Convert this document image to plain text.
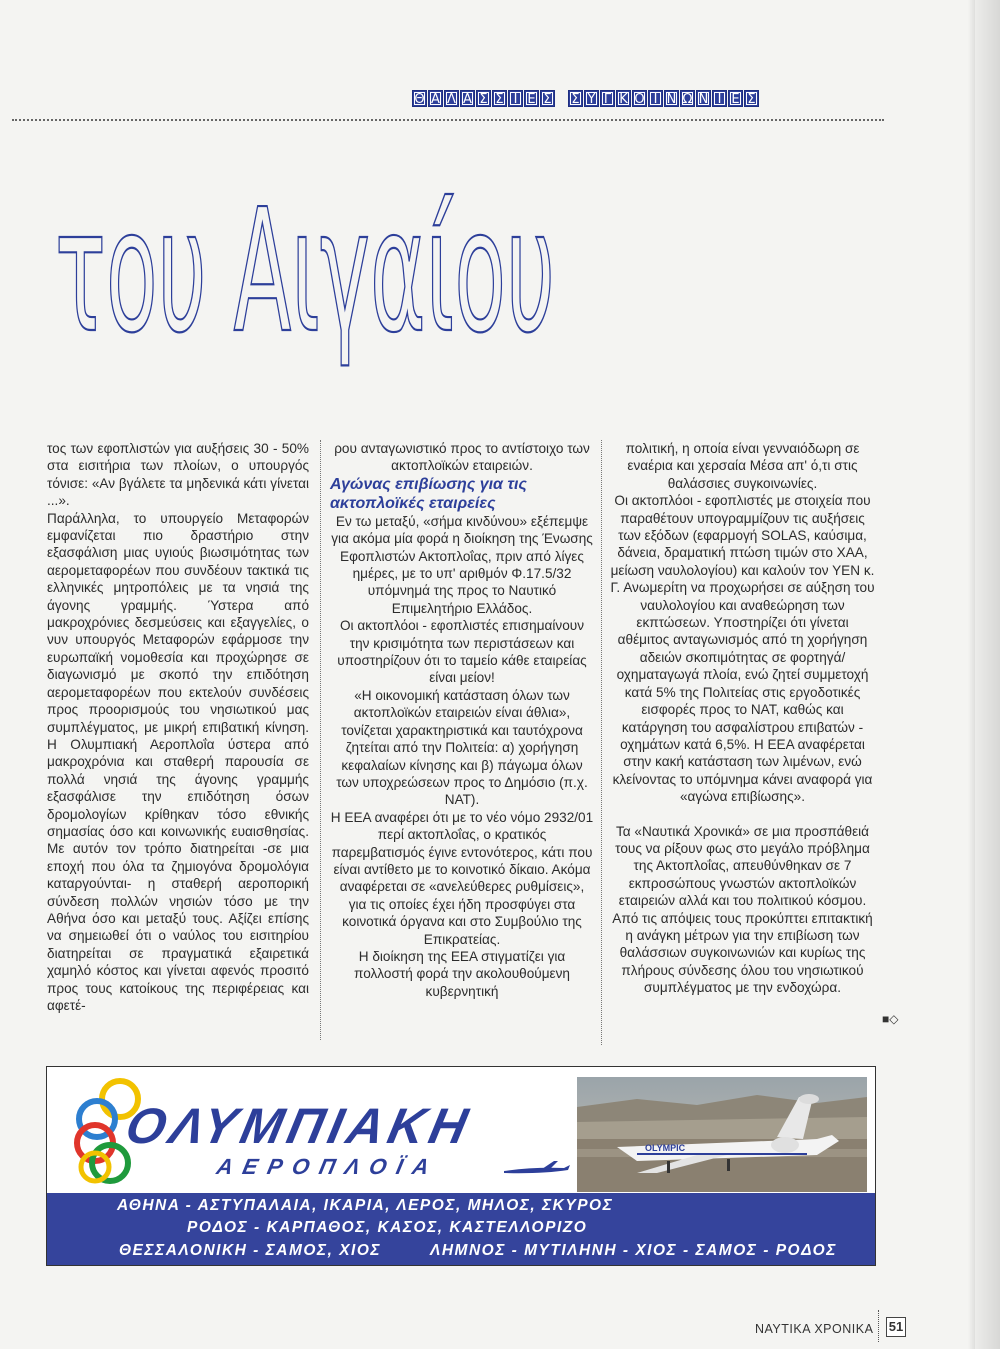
Θ Α Λ Α Σ Σ Ι Ε Σ Σ Υ Γ Κ Ο Ι Ν Ω Ν Ι Ε Σ
του Αιγαίου

τος των εφοπλιστών για αυξήσεις 30 - 50% στα εισιτήρια των πλοίων, ο υπουργός τόνισε: «Αν βγάλετε τα μηδενικά κάτι γίνεται ...».

Παράλληλα, το υπουργείο Μεταφορών εμφανίζεται πιο δραστήριο στην εξασφάλιση μιας υγιούς βιωσιμότητας των αερομεταφορέων που συνδέουν τακτικά τις ελληνικές μητροπόλεις με τα νησιά της άγονης γραμμής. Ύστερα από μακροχρόνιες δεσμεύσεις και εξαγγελίες, ο νυν υπουργός Μεταφορών εφάρμοσε την ευρωπαϊκή νομοθεσία και προχώρησε σε διαγωνισμό με σκοπό την επιδότηση αερομεταφορέων που εκτελούν συνδέσεις προς προορισμούς του νησιωτικού μας συμπλέγματος, με μικρή επιβατική κίνηση. Η Ολυμπιακή Αεροπλοΐα ύστερα από μακροχρόνια και σταθερή παρουσία σε πολλά νησιά της άγονης γραμμής εξασφάλισε την επιδότηση όσων δρομολογίων κρίθηκαν τόσο εθνικής σημασίας όσο και κοινωνικής ευαισθησίας. Με αυτόν τον τρόπο διατηρείται -σε μια εποχή που όλα τα ζημιογόνα δρομολόγια καταργούνται- η σταθερή αεροπορική σύνδεση πολλών νησιών τόσο με την Αθήνα όσο και μεταξύ τους. Αξίζει επίσης να σημειωθεί ότι ο ναύλος του εισιτηρίου διατηρείται σε πραγματικά εξαιρετικά χαμηλό κόστος και γίνεται αφενός προσιτό προς τους κατοίκους της περιφέρειας και αφετέ-

ρου ανταγωνιστικό προς το αντίστοιχο των ακτοπλοϊκών εταιρειών.

Αγώνας επιβίωσης για τις ακτοπλοϊκές εταιρείες

Εν τω μεταξύ, «σήμα κινδύνου» εξέπεμψε για ακόμα μία φορά η διοίκηση της Ένωσης Εφοπλιστών Ακτοπλοΐας, πριν από λίγες ημέρες, με το υπ' αριθμόν Φ.17.5/32 υπόμνημά της προς το Ναυτικό Επιμελητήριο Ελλάδος.

Οι ακτοπλόοι - εφοπλιστές επισημαίνουν την κρισιμότητα των περιστάσεων και υποστηρίζουν ότι το ταμείο κάθε εταιρείας είναι μείον!

«Η οικονομική κατάσταση όλων των ακτοπλοϊκών εταιρειών είναι άθλια», τονίζεται χαρακτηριστικά και ταυτόχρονα ζητείται από την Πολιτεία: α) χορήγηση κεφαλαίων κίνησης και β) πάγωμα όλων των υποχρεώσεων προς το Δημόσιο (π.χ. ΝΑΤ).

Η ΕΕΑ αναφέρει ότι με το νέο νόμο 2932/01 περί ακτοπλοΐας, ο κρατικός παρεμβατισμός έγινε εντονότερος, κάτι που είναι αντίθετο με το κοινοτικό δίκαιο. Ακόμα αναφέρεται σε «ανελεύθερες ρυθμίσεις», για τις οποίες έχει ήδη προσφύγει στα κοινοτικά όργανα και στο Συμβούλιο της Επικρατείας.

Η διοίκηση της ΕΕΑ στιγματίζει για πολλοστή φορά την ακολουθούμενη κυβερνητική

πολιτική, η οποία είναι γενναιόδωρη σε εναέρια και χερσαία Μέσα απ' ό,τι στις θαλάσσιες συγκοινωνίες.

Οι ακτοπλόοι - εφοπλιστές με στοιχεία που παραθέτουν υπογραμμίζουν τις αυξήσεις των εξόδων (εφαρμογή SOLAS, καύσιμα, δάνεια, δραματική πτώση τιμών στο ΧΑΑ, μείωση ναυλολογίου) και καλούν τον ΥΕΝ κ. Γ. Ανωμερίτη να προχωρήσει σε αύξηση του ναυλολογίου και αναθεώρηση των εκπτώσεων. Υποστηρίζει ότι γίνεται αθέμιτος ανταγωνισμός από τη χορήγηση αδειών σκοπιμότητας σε φορτηγά/οχηματαγωγά πλοία, ενώ ζητεί συμμετοχή κατά 5% της Πολιτείας στις εργοδοτικές εισφορές προς το ΝΑΤ, καθώς και κατάργηση του ασφαλίστρου επιβατών - οχημάτων κατά 6,5%. Η ΕΕΑ αναφέρεται στην κακή κατάσταση των λιμένων, ενώ κλείνοντας το υπόμνημα κάνει αναφορά για «αγώνα επιβίωσης».

Τα «Ναυτικά Χρονικά» σε μια προσπάθειά τους να ρίξουν φως στο μεγάλο πρόβλημα της Ακτοπλοΐας, απευθύνθηκαν σε 7 εκπροσώπους γνωστών ακτοπλοϊκών εταιρειών αλλά και του πολιτικού κόσμου. Από τις απόψεις τους προκύπτει επιτακτική η ανάγκη μέτρων για την επιβίωση των θαλάσσιων συγκοινωνιών και κυρίως της πλήρους σύνδεσης όλου του νησιωτικού συμπλέγματος με την ενδοχώρα.

■◇
ΟΛΥΜΠΙΑΚΗ
ΑΕΡΟΠΛΟΪΑ
OLYMPIC
ΑΘΗΝΑ - ΑΣΤΥΠΑΛΑΙΑ, ΙΚΑΡΙΑ, ΛΕΡΟΣ, ΜΗΛΟΣ, ΣΚΥΡΟΣ
ΡΟΔΟΣ - ΚΑΡΠΑΘΟΣ, ΚΑΣΟΣ, ΚΑΣΤΕΛΛΟΡΙΖΟ
ΘΕΣΣΑΛΟΝΙΚΗ - ΣΑΜΟΣ, ΧΙΟΣ	ΛΗΜΝΟΣ - ΜΥΤΙΛΗΝΗ - ΧΙΟΣ - ΣΑΜΟΣ - ΡΟΔΟΣ
ΝΑΥΤΙΚΑ ΧΡΟΝΙΚΑ 51
